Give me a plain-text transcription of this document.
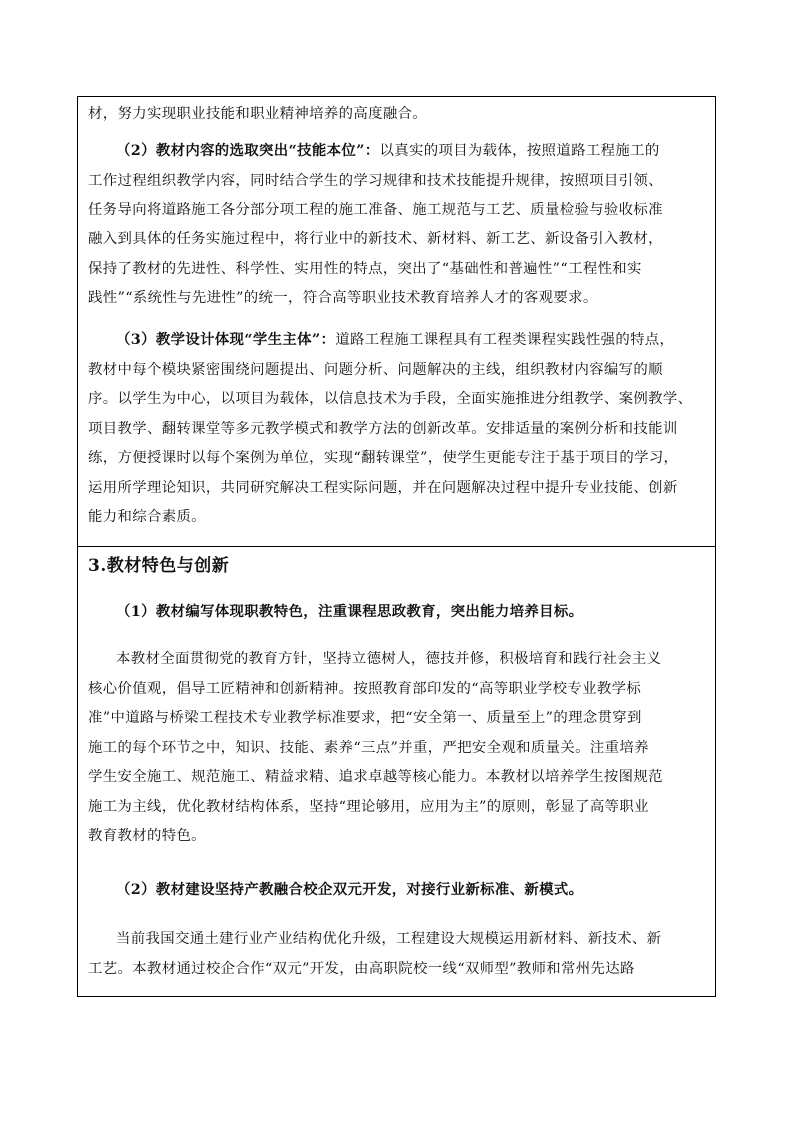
材，努力实现职业技能和职业精神培养的高度融合。
（2）教材内容的选取突出“技能本位”：以真实的项目为载体，按照道路工程施工的
工作过程组织教学内容，同时结合学生的学习规律和技术技能提升规律，按照项目引领、
任务导向将道路施工各分部分项工程的施工准备、施工规范与工艺、质量检验与验收标准
融入到具体的任务实施过程中，将行业中的新技术、新材料、新工艺、新设备引入教材，
保持了教材的先进性、科学性、实用性的特点，突出了“基础性和普遍性”“工程性和实
践性”“系统性与先进性”的统一，符合高等职业技术教育培养人才的客观要求。
（3）教学设计体现“学生主体”：道路工程施工课程具有工程类课程实践性强的特点，
教材中每个模块紧密围绕问题提出、问题分析、问题解决的主线，组织教材内容编写的顺
序。以学生为中心，以项目为载体，以信息技术为手段，全面实施推进分组教学、案例教学、
项目教学、翻转课堂等多元教学模式和教学方法的创新改革。安排适量的案例分析和技能训
练，方便授课时以每个案例为单位，实现“翻转课堂”，使学生更能专注于基于项目的学习，
运用所学理论知识，共同研究解决工程实际问题，并在问题解决过程中提升专业技能、创新
能力和综合素质。
3.教材特色与创新
（1）教材编写体现职教特色，注重课程思政教育，突出能力培养目标。
本教材全面贯彻党的教育方针，坚持立德树人，德技并修，积极培育和践行社会主义
核心价值观，倡导工匠精神和创新精神。按照教育部印发的“高等职业学校专业教学标
准”中道路与桥梁工程技术专业教学标准要求，把“安全第一、质量至上”的理念贯穿到
施工的每个环节之中，知识、技能、素养“三点”并重，严把安全观和质量关。注重培养
学生安全施工、规范施工、精益求精、追求卓越等核心能力。本教材以培养学生按图规范
施工为主线，优化教材结构体系，坚持“理论够用，应用为主”的原则，彰显了高等职业
教育教材的特色。
（2）教材建设坚持产教融合校企双元开发，对接行业新标准、新模式。
当前我国交通土建行业产业结构优化升级，工程建设大规模运用新材料、新技术、新
工艺。本教材通过校企合作“双元”开发，由高职院校一线“双师型”教师和常州先达路
